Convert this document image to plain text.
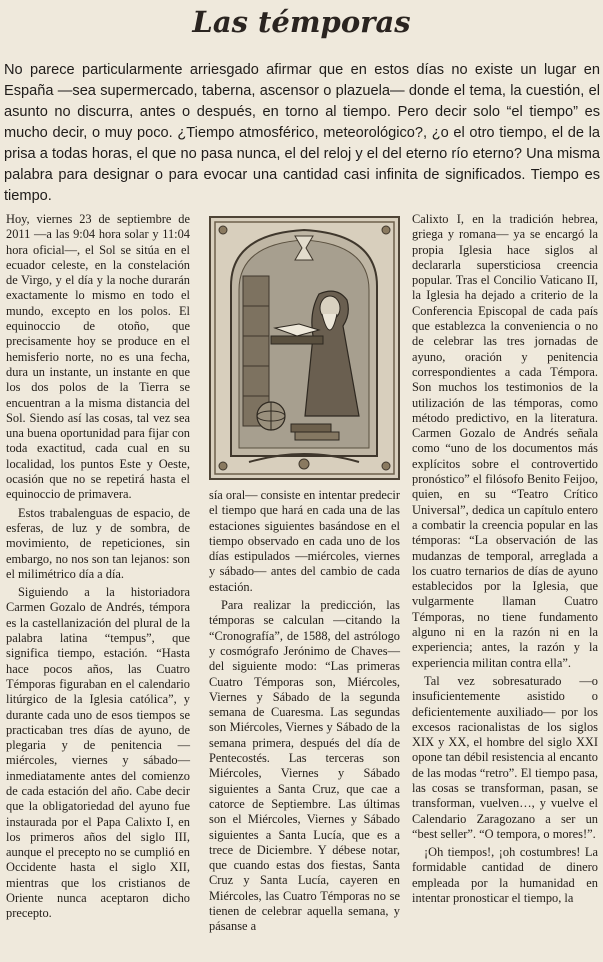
Las témporas
No parece particularmente arriesgado afirmar que en estos días no existe un lugar en España —sea supermercado, taberna, ascensor o plazuela— donde el tema, la cuestión, el asunto no discurra, antes o después, en torno al tiempo. Pero decir solo “el tiempo” es mucho decir, o muy poco. ¿Tiempo atmosférico, meteorológico?, ¿o el otro tiempo, el de la prisa a todas horas, el que no pasa nunca, el del reloj y el del eterno río eterno? Una misma palabra para designar o para evocar una cantidad casi infinita de significados. Tiempo es tiempo.

Hoy, viernes 23 de septiembre de 2011 —a las 9:04 hora solar y 11:04 hora oficial—, el Sol se sitúa en el ecuador celeste, en la constelación de Virgo, y el día y la noche durarán exactamente lo mismo en todo el mundo, excepto en los polos. El equinoccio de otoño, que precisamente hoy se produce en el hemisferio norte, no es una fecha, dura un instante, un instante en que los dos polos de la Tierra se encuentran a la misma distancia del Sol. Siendo así las cosas, tal vez sea una buena oportunidad para fijar con toda exactitud, cada cual en su localidad, los puntos Este y Oeste, ocasión que no se repetirá hasta el equinoccio de primavera.

Estos trabalenguas de espacio, de esferas, de luz y de sombra, de movimiento, de repeticiones, sin embargo, no nos son tan lejanos: son el milimétrico día a día.

Siguiendo a la historiadora Carmen Gozalo de Andrés, témpora es la castellanización del plural de la palabra latina “tempus”, que significa tiempo, estación. “Hasta hace pocos años, las Cuatro Témporas figuraban en el calendario litúrgico de la Iglesia católica”, y durante cada uno de esos tiempos se practicaban tres días de ayuno, de plegaria y de penitencia —miércoles, viernes y sábado— inmediatamente antes del comienzo de cada estación del año. Cabe decir que la obligatoriedad del ayuno fue instaurada por el Papa Calixto I, en los primeros años del siglo III, aunque el precepto no se cumplió en Occidente hasta el siglo XII, mientras que los cristianos de Oriente nunca aceptaron dicho precepto.

sía oral— consiste en intentar predecir el tiempo que hará en cada una de las estaciones siguientes basándose en el tiempo observado en cada uno de los días estipulados —miércoles, viernes y sábado— antes del cambio de cada estación.

Para realizar la predicción, las témporas se calculan —citando la “Cronografía”, de 1588, del astrólogo y cosmógrafo Jerónimo de Chaves— del siguiente modo: “Las primeras Cuatro Témporas son, Miércoles, Viernes y Sábado de la segunda semana de Cuaresma. Las segundas son Miércoles, Viernes y Sábado de la semana primera, después del día de Pentecostés. Las terceras son Miércoles, Viernes y Sábado siguientes a Santa Cruz, que cae a catorce de Septiembre. Las últimas son el Miércoles, Viernes y Sábado siguientes a Santa Lucía, que es a trece de Diciembre. Y débese notar, que cuando estas dos fiestas, Santa Cruz y Santa Lucía, cayeren en Miércoles, las Cuatro Témporas no se tienen de celebrar aquella semana, y pásanse a

Calixto I, en la tradición hebrea, griega y romana— ya se encargó la propia Iglesia hace siglos al declararla supersticiosa creencia popular. Tras el Concilio Vaticano II, la Iglesia ha dejado a criterio de la Conferencia Episcopal de cada país que establezca la conveniencia o no de celebrar las tres jornadas de ayuno, oración y penitencia correspondientes a cada Témpora. Son muchos los testimonios de la utilización de las témporas, como método predictivo, en la literatura. Carmen Gozalo de Andrés señala como “uno de los documentos más explícitos sobre el controvertido pronóstico” el filósofo Benito Feijoo, quien, en su “Teatro Crítico Universal”, dedica un capítulo entero a combatir la creencia popular en las témporas: “La observación de las mudanzas de temporal, arreglada a los cuatro ternarios de días de ayuno establecidos por la Iglesia, que vulgarmente llaman Cuatro Témporas, no tiene fundamento alguno ni en la razón ni en la experiencia; antes, la razón y la experiencia militan contra ella”.

Tal vez sobresaturado —o insuficientemente asistido o deficientemente auxiliado— por los excesos racionalistas de los siglos XIX y XX, el hombre del siglo XXI opone tan débil resistencia al encanto de las modas “retro”. El tiempo pasa, las cosas se transforman, pasan, se transforman, vuelven…, y vuelve el Calendario Zaragozano a ser un “best seller”. “O tempora, o mores!”.

¡Oh tiempos!, ¡oh costumbres! La formidable cantidad de dinero empleada por la humanidad en intentar pronosticar el tiempo, la
